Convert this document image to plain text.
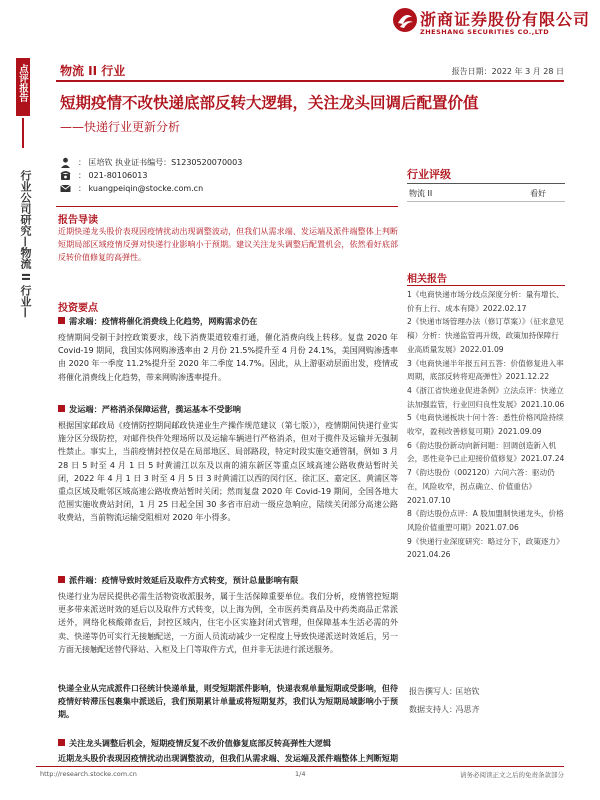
浙商证券股份有限公司
ZHESHANG SECURITIES CO.,LTD
点评报告
行业公司研究—物流 II 行业—
物流 II 行业	报告日期：2022 年 3 月 28 日
短期疫情不改快递底部反转大逻辑，关注龙头回调后配置价值
——快递行业更新分析
： 匡培钦 执业证书编号：S1230520070003
： 021-80106013
： kuangpeiqin@stocke.com.cn
报告导读
近期快递龙头股价表现因疫情扰动出现调整波动，但我们从需求端、发运端及派件端整体上判断短期局部区域疫情反弹对快递行业影响小于预期。建议关注龙头调整后配置机会，依然看好底部反转价值修复的高弹性。
投资要点
需求端：疫情将催化消费线上化趋势，网购需求仍在
疫情期间受制于封控政策要求，线下消费渠道较难打通，催化消费向线上转移。复盘 2020 年 Covid-19 期间，我国实体网购渗透率由 2 月份 21.5%提升至 4 月份 24.1%，美国网购渗透率由 2020 年一季度 11.2%提升至 2020 年二季度 14.7%。因此，从上游驱动层面出发，疫情或将催化消费线上化趋势，带来网购渗透率提升。
发运端：严格消杀保障运营，揽运基本不受影响
根据国家邮政局《疫情防控期间邮政快递业生产操作规范建议（第七版）》，疫情期间快递行业实施分区分级防控，对邮件快件处理场所以及运输车辆进行严格消杀，但对于揽件及运输并无强制性禁止。事实上，当前疫情封控仅是在局部地区、局部路段，特定时段实施交通管制，例如 3 月 28 日 5 时至 4 月 1 日 5 时黄浦江以东及以南的浦东新区等重点区域高速公路收费站暂时关闭，2022 年 4 月 1 日 3 时至 4 月 5 日 3 时黄浦江以西的闵行区、徐汇区、嘉定区、黄浦区等重点区域及毗邻区域高速公路收费站暂时关闭；然而复盘 2020 年 Covid-19 期间，全国各地大范围实施收费站封闭，1 月 25 日起全国 30 多省市启动一级应急响应，陆续关闭部分高速公路收费站，当前物流运输受阻相对 2020 年小得多。
派件端：疫情导致时效延后及取件方式转变，预计总量影响有限
快递行业为居民提供必需生活物资收派服务，属于生活保障重要单位。我们分析，疫情管控短期更多带来派送时效的延后以及取件方式转变，以上海为例，全市医药类商品及中药类商品正常派送外，网络化核酸筛查后，封控区域内，住宅小区实施封闭式管理，但保障基本生活必需的外卖、快递等仍可实行无接触配送，一方面人员流动减少一定程度上导致快递派送时效延后，另一方面无接触配送替代驿站、入柜及上门等取件方式，但并非无法进行派送服务。
快递全业从完成派件口径统计快递单量，则受短期派件影响，快递表观单量短期或受影响，但待疫情好转滞压包裹集中派送后，我们预期累计单量或将短期复苏，我们认为短期局域影响小于预期。
关注龙头调整后机会，短期疫情反复不改价值修复底部反转高弹性大逻辑
近期龙头股价表现因疫情扰动出现调整波动，但我们从需求端、发运端及派件端整体上判断短期
行业评级
物流 II	看好
相关报告
1《电商快递市场分歧点深度分析：量有增长、价有上行、成本有降》2022.02.17
2《快递市场管理办法（修订草案）》（征求意见稿）分析：快递监管再升级，政策加持保障行业高质量发展》2022.01.09
3《电商快递半年报五问五答：价值修复进入率周期，底部反转将迎高弹性》2021.12.22
4《浙江省快递业促进条例》立法点评：快递立法加强监管，行业回归良性发展》2021.10.06
5《电商快递板块十问十答：悉性价格风险持续收窄，盈利改善修复可期》2021.09.09
6《韵达股份新动向新问题：回调创造新入机会，恶性竞争已止迎接价值修复》2021.07.24
7《韵达股份（002120）六问六答：驱动仍在，风险收窄，拐点确立、价值重估》2021.07.10
8《韵达股份点评：A 股加盟制快递龙头，价格风险价值重塑可期》2021.07.06
9《快递行业深度研究：略过分下，政策逐力》2021.04.26
报告撰写人： 匡培钦
数据支持人： 冯思齐
http://research.stocke.com.cn	1/4	请务必阅读正文之后的免责条款部分
